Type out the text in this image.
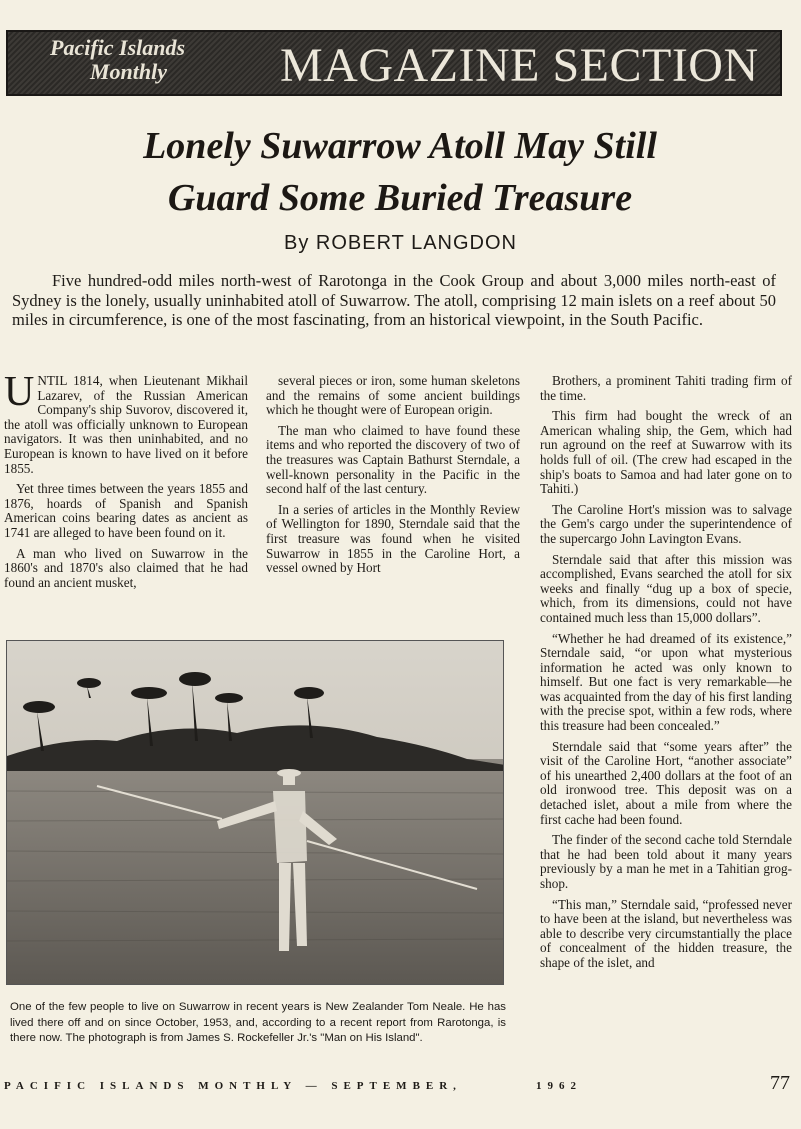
Pacific Islands
Monthly	MAGAZINE SECTION
Lonely Suwarrow Atoll May Still
Guard Some Buried Treasure
By ROBERT LANGDON
Five hundred-odd miles north-west of Rarotonga in the Cook Group and about 3,000 miles north-east of Sydney is the lonely, usually uninhabited atoll of Suwarrow. The atoll, comprising 12 main islets on a reef about 50 miles in circumference, is one of the most fascinating, from an historical viewpoint, in the South Pacific.

UNTIL 1814, when Lieutenant Mikhail Lazarev, of the Russian American Company's ship Suvorov, discovered it, the atoll was officially unknown to European navigators. It was then uninhabited, and no European is known to have lived on it before 1855.

Yet three times between the years 1855 and 1876, hoards of Spanish and Spanish American coins bearing dates as ancient as 1741 are alleged to have been found on it.

A man who lived on Suwarrow in the 1860's and 1870's also claimed that he had found an ancient musket,

several pieces or iron, some human skeletons and the remains of some ancient buildings which he thought were of European origin.

The man who claimed to have found these items and who reported the discovery of two of the treasures was Captain Bathurst Sterndale, a well-known personality in the Pacific in the second half of the last century.

In a series of articles in the Monthly Review of Wellington for 1890, Sterndale said that the first treasure was found when he visited Suwarrow in 1855 in the Caroline Hort, a vessel owned by Hort

Brothers, a prominent Tahiti trading firm of the time.

This firm had bought the wreck of an American whaling ship, the Gem, which had run aground on the reef at Suwarrow with its holds full of oil. (The crew had escaped in the ship's boats to Samoa and had later gone on to Tahiti.)

The Caroline Hort's mission was to salvage the Gem's cargo under the superintendence of the supercargo John Lavington Evans.

Sterndale said that after this mission was accomplished, Evans searched the atoll for six weeks and finally “dug up a box of specie, which, from its dimensions, could not have contained much less than 15,000 dollars”.

“Whether he had dreamed of its existence,” Sterndale said, “or upon what mysterious information he acted was only known to himself. But one fact is very remarkable—he was acquainted from the day of his first landing with the precise spot, within a few rods, where this treasure had been concealed.”

Sterndale said that “some years after” the visit of the Caroline Hort, “another associate” of his unearthed 2,400 dollars at the foot of an old ironwood tree. This deposit was on a detached islet, about a mile from where the first cache had been found.

The finder of the second cache told Sterndale that he had been told about it many years previously by a man he met in a Tahitian grog-shop.

“This man,” Sterndale said, “professed never to have been at the island, but nevertheless was able to describe very circumstantially the place of concealment of the hidden treasure, the shape of the islet, and

One of the few people to live on Suwarrow in recent years is New Zealander Tom Neale. He has lived there off and on since October, 1953, and, according to a recent report from Rarotonga, is there now. The photograph is from James S. Rockefeller Jr.'s "Man on His Island".
PACIFIC ISLANDS MONTHLY — SEPTEMBER,	1962	77
